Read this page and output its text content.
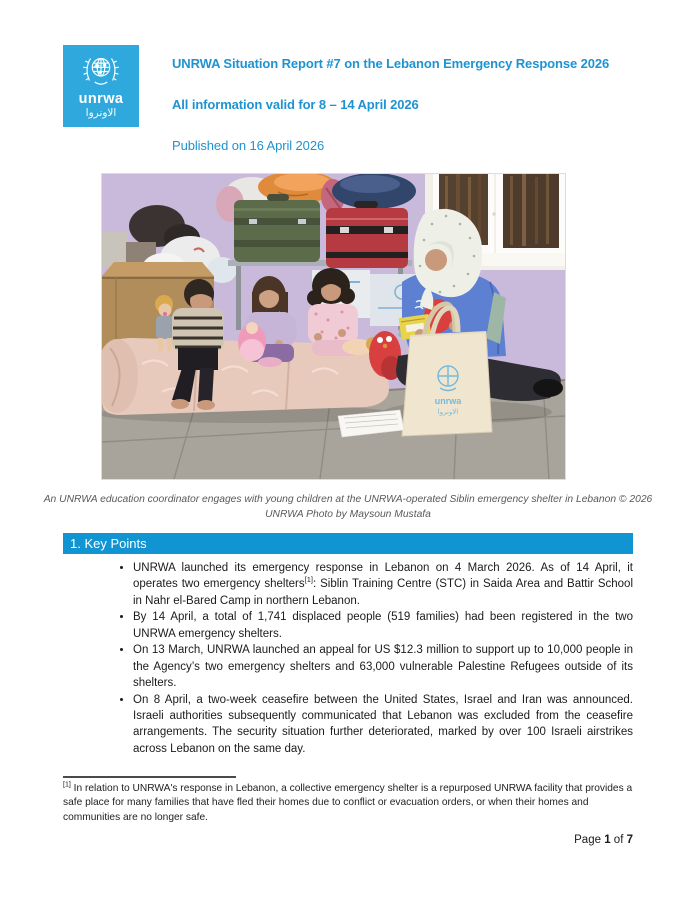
unrwa
الاونروا
UNRWA Situation Report #7 on the Lebanon Emergency Response 2026
All information valid for 8 – 14 April 2026
Published on 16 April 2026
unrwa
الاونروا
An UNRWA education coordinator engages with young children at the UNRWA-operated Siblin emergency shelter in Lebanon © 2026
UNRWA Photo by Maysoun Mustafa
1. Key Points
• UNRWA launched its emergency response in Lebanon on 4 March 2026. As of 14 April, it operates two emergency shelters[1]: Siblin Training Centre (STC) in Saida Area and Battir School in Nahr el-Bared Camp in northern Lebanon.
• By 14 April, a total of 1,741 displaced people (519 families) had been registered in the two UNRWA emergency shelters.
• On 13 March, UNRWA launched an appeal for US $12.3 million to support up to 10,000 people in the Agency’s two emergency shelters and 63,000 vulnerable Palestine Refugees outside of its shelters.
• On 8 April, a two-week ceasefire between the United States, Israel and Iran was announced. Israeli authorities subsequently communicated that Lebanon was excluded from the ceasefire arrangements. The security situation further deteriorated, marked by over 100 Israeli airstrikes across Lebanon on the same day.
[1] In relation to UNRWA's response in Lebanon, a collective emergency shelter is a repurposed UNRWA facility that provides a safe place for many families that have fled their homes due to conflict or evacuation orders, or when their homes and communities are no longer safe.
Page 1 of 7
